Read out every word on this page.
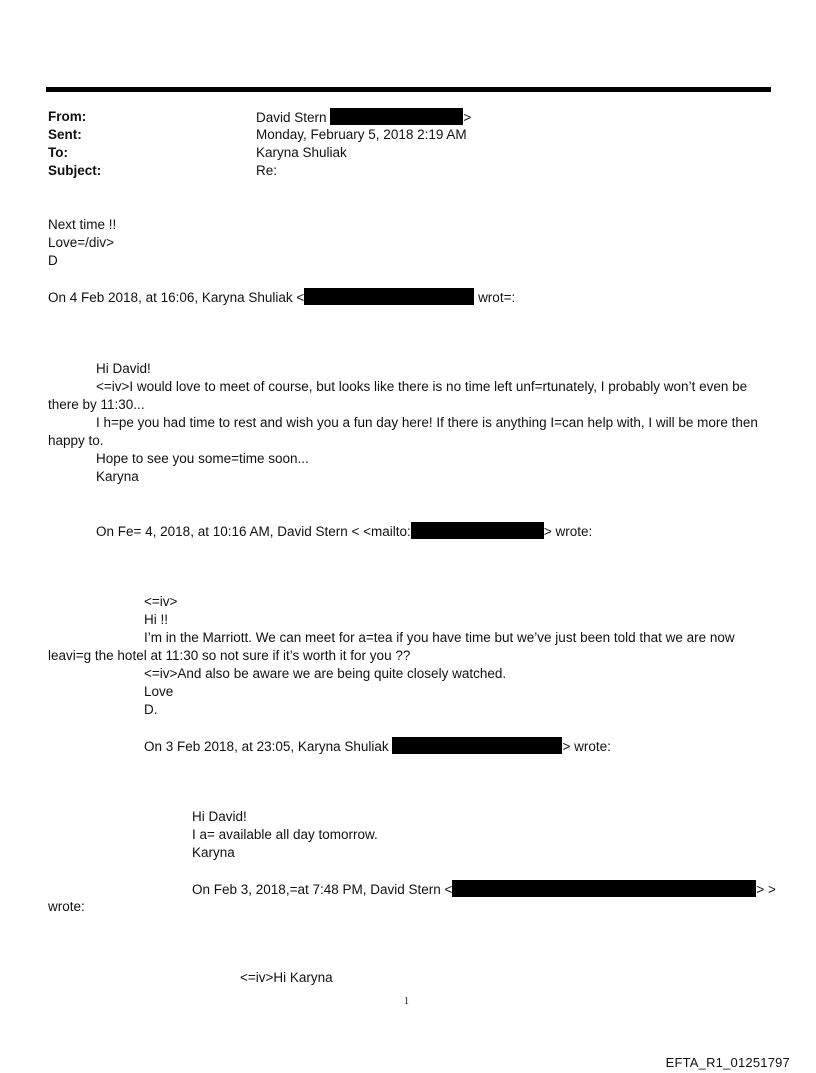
From:	David Stern	>
Sent:	Monday, February 5, 2018 2:19 AM
To:	Karyna Shuliak
Subject:	Re:
Next time !!
Love=/div>
D
On 4 Feb 2018, at 16:06, Karyna Shuliak <	wrot=:
Hi David!
<=iv>I would love to meet of course, but looks like there is no time left unf=rtunately, I probably won’t even be
there by 11:30...
I h=pe you had time to rest and wish you a fun day here! If there is anything I=can help with, I will be more then
happy to.
Hope to see you some=time soon...
Karyna
On Fe= 4, 2018, at 10:16 AM, David Stern < <mailto:	> wrote:
<=iv>
Hi !!
I’m in the Marriott. We can meet for a=tea if you have time but we’ve just been told that we are now
leavi=g the hotel at 11:30 so not sure if it’s worth it for you ??
<=iv>And also be aware we are being quite closely watched.
Love
D.
On 3 Feb 2018, at 23:05, Karyna Shuliak	> wrote:
Hi David!
I a= available all day tomorrow.
Karyna
On Feb 3, 2018,=at 7:48 PM, David Stern <	> >
wrote:
<=iv>Hi Karyna
1
EFTA_R1_01251797
